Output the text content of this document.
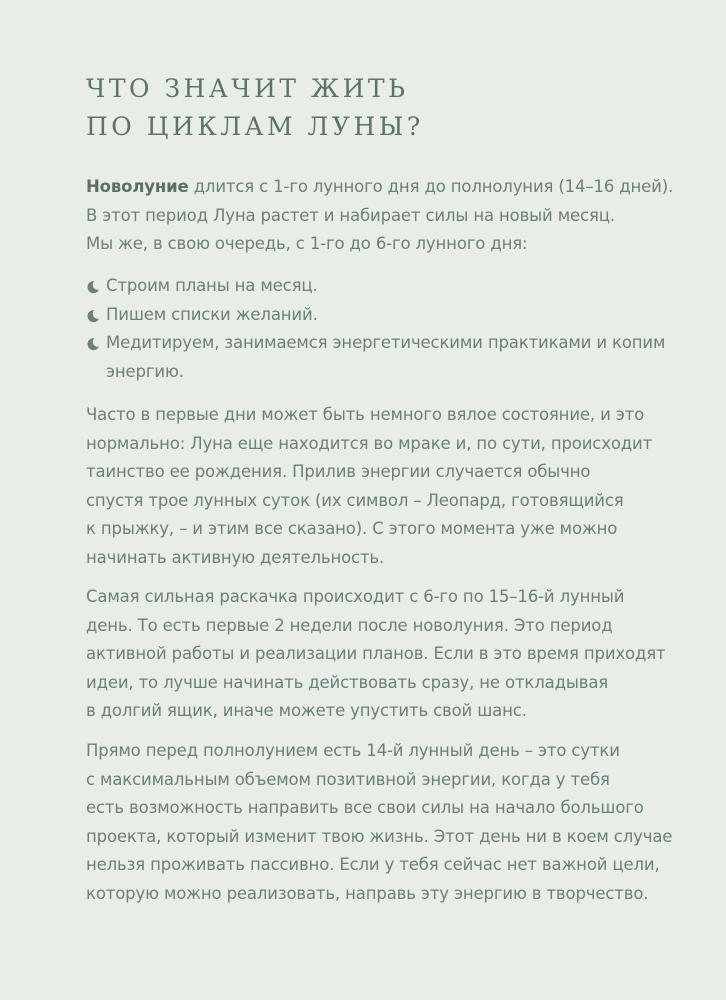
ЧТО ЗНАЧИТ ЖИТЬ
ПО ЦИКЛАМ ЛУНЫ?
Новолуние длится с 1-го лунного дня до полнолуния (14–16 дней).
В этот период Луна растет и набирает силы на новый месяц.
Мы же, в свою очередь, с 1-го до 6-го лунного дня:
Строим планы на месяц.
Пишем списки желаний.
Медитируем, занимаемся энергетическими практиками и копим
энергию.
Часто в первые дни может быть немного вялое состояние, и это
нормально: Луна еще находится во мраке и, по сути, происходит
таинство ее рождения. Прилив энергии случается обычно
спустя трое лунных суток (их символ – Леопард, готовящийся
к прыжку, – и этим все сказано). С этого момента уже можно
начинать активную деятельность.
Самая сильная раскачка происходит с 6-го по 15–16-й лунный
день. То есть первые 2 недели после новолуния. Это период
активной работы и реализации планов. Если в это время приходят
идеи, то лучше начинать действовать сразу, не откладывая
в долгий ящик, иначе можете упустить свой шанс.
Прямо перед полнолунием есть 14-й лунный день – это сутки
с максимальным объемом позитивной энергии, когда у тебя
есть возможность направить все свои силы на начало большого
проекта, который изменит твою жизнь. Этот день ни в коем случае
нельзя проживать пассивно. Если у тебя сейчас нет важной цели,
которую можно реализовать, направь эту энергию в творчество.
